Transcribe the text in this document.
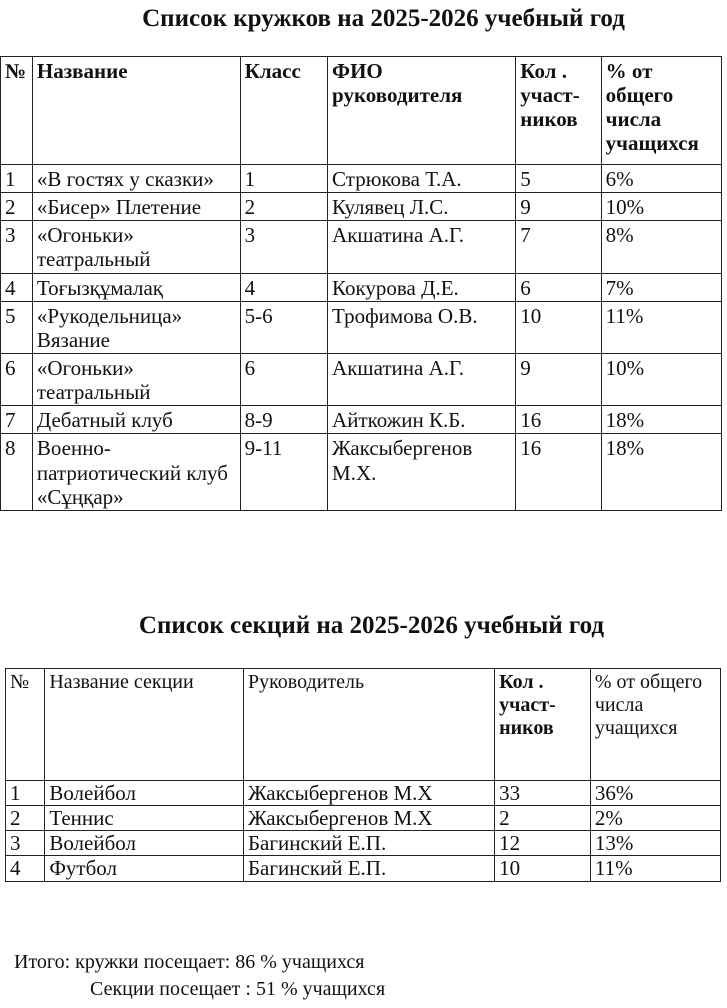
Список кружков на 2025-2026 учебный год
№	Название	Класс	ФИО руководителя	Кол . участ-ников	% от общего числа учащихся
1	«В гостях у сказки»	1	Стрюкова Т.А.	5	6%
2	«Бисер» Плетение	2	Кулявец Л.С.	9	10%
3	«Огоньки» театральный	3	Акшатина А.Г.	7	8%
4	Тоғызқұмалақ	4	Кокурова Д.Е.	6	7%
5	«Рукодельница» Вязание	5-6	Трофимова О.В.	10	11%
6	«Огоньки» театральный	6	Акшатина А.Г.	9	10%
7	Дебатный клуб	8-9	Айткожин К.Б.	16	18%
8	Военно-патриотический клуб «Сұңқар»	9-11	Жаксыбергенов М.Х.	16	18%
Список секций на 2025-2026 учебный год
№	Название секции	Руководитель	Кол . участ-ников	% от общего числа учащихся
1	Волейбол	Жаксыбергенов М.Х	33	36%
2	Теннис	Жаксыбергенов М.Х	2	2%
3	Волейбол	Багинский Е.П.	12	13%
4	Футбол	Багинский Е.П.	10	11%
Итого: кружки посещает: 86 % учащихся
Секции посещает : 51 % учащихся
